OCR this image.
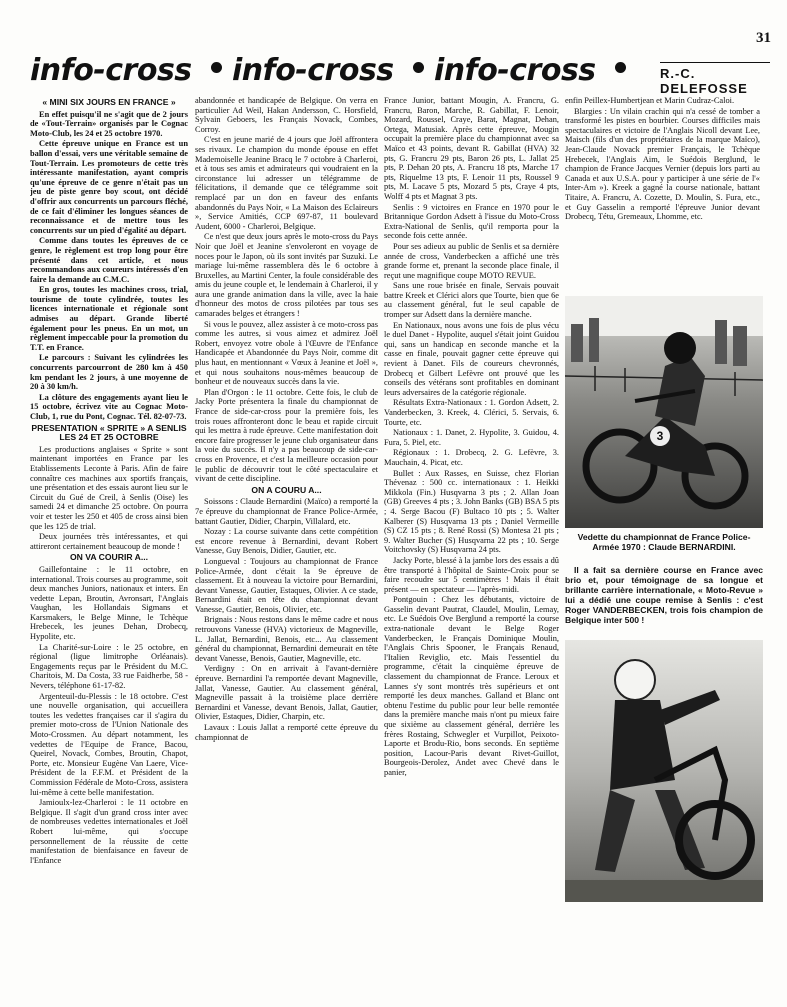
31
info-cross info-cross info-cross	R.-C. DELEFOSSE

« MINI SIX JOURS EN FRANCE »

En effet puisqu'il ne s'agit que de 2 jours de «Tout-Terrain» organisés par le Cognac Moto-Club, les 24 et 25 octobre 1970.

Cette épreuve unique en France est un ballon d'essai, vers une véritable semaine de Tout-Terrain. Les promoteurs de cette très intéressante manifestation, ayant compris qu'une épreuve de ce genre n'était pas un jeu de piste genre boy scout, ont décidé d'offrir aux concurrents un parcours fléché, de ce fait d'éliminer les longues séances de reconnaissance et de mettre tous les concurrents sur un pied d'égalité au départ.

Comme dans toutes les épreuves de ce genre, le règlement est trop long pour être présenté dans cet article, et nous recommandons aux coureurs intéressés d'en faire la demande au C.M.C.

En gros, toutes les machines cross, trial, tourisme de toute cylindrée, toutes les licences internationale et régionale sont admises au départ. Grande liberté également pour les pneus. En un mot, un règlement impeccable pour la promotion du T.T. en France.

Le parcours : Suivant les cylindrées les concurrents parcourront de 280 km à 450 km pendant les 2 jours, à une moyenne de 20 à 30 km/h.

La clôture des engagements ayant lieu le 15 octobre, écrivez vite au Cognac Moto-Club, 1, rue du Pont, Cognac. Tél. 82-07-73.

PRESENTATION « SPRITE » A SENLIS LES 24 ET 25 OCTOBRE

Les productions anglaises « Sprite » sont maintenant importées en France par les Etablissements Leconte à Paris. Afin de faire connaître ces machines aux sportifs français, une présentation et des essais auront lieu sur le Circuit du Gué de Creil, à Senlis (Oise) les samedi 24 et dimanche 25 octobre. On pourra voir et tester les 250 et 405 de cross ainsi bien que les 125 de trial.

Deux journées très intéressantes, et qui attireront certainement beaucoup de monde !

ON VA COURIR A...

Gaillefontaine : le 11 octobre, en international. Trois courses au programme, soit deux manches Juniors, nationaux et inters. En vedette Lepan, Broutin, Avronsart, l'Anglais Vaughan, les Hollandais Sigmans et Karsmakers, le Belge Minne, le Tchèque Hrebecek, les jeunes Dehan, Drobecq, Hypolite, etc.

La Charité-sur-Loire : le 25 octobre, en régional (ligue limitrophe Orléanais). Engagements reçus par le Président du M.C. Charitois, M. Da Costa, 33 rue Faidherbe, 58 - Nevers, téléphone 61-17-82.

Argenteuil-du-Plessis : le 18 octobre. C'est une nouvelle organisation, qui accueillera toutes les vedettes françaises car il s'agira du premier moto-cross de l'Union Nationale des Moto-Crossmen. Au départ notamment, les vedettes de l'Equipe de France, Bacou, Queirel, Novack, Combes, Broutin, Chapot, Porte, etc. Monsieur Eugène Van Laere, Vice-Président de la F.F.M. et Président de la Commission Fédérale de Moto-Cross, assistera lui-même à cette belle manifestation.

Jamioulx-lez-Charleroi : le 11 octobre en Belgique. Il s'agit d'un grand cross inter avec de nombreuses vedettes internationales et Joël Robert lui-même, qui s'occupe personnellement de la réussite de cette manifestation de bienfaisance en faveur de l'Enfance

abandonnée et handicapée de Belgique. On verra en particulier Ad Weil, Hakan Andersson, C. Horsfield, Sylvain Geboers, les Français Novack, Combes, Corroy.

C'est en jeune marié de 4 jours que Joël affrontera ses rivaux. Le champion du monde épouse en effet Mademoiselle Jeanine Bracq le 7 octobre à Charleroi, et à tous ses amis et admirateurs qui voudraient en la circonstance lui adresser un télégramme de félicitations, il demande que ce télégramme soit remplacé par un don en faveur des enfants abandonnés du Pays Noir, « La Maison des Eclaireurs », Service Amitiés, CCP 697-87, 11 boulevard Audent, 6000 - Charleroi, Belgique.

Ce n'est que deux jours après le moto-cross du Pays Noir que Joël et Jeanine s'envoleront en voyage de noces pour le Japon, où ils sont invités par Suzuki. Le mariage lui-même rassemblera dès le 6 octobre à Bruxelles, au Martini Center, la foule considérable des amis du jeune couple et, le lendemain à Charleroi, il y aura une grande animation dans la ville, avec la haie d'honneur des motos de cross pilotées par tous ses camarades belges et étrangers !

Si vous le pouvez, allez assister à ce moto-cross pas comme les autres, si vous aimez et admirez Joël Robert, envoyez votre obole à l'Œuvre de l'Enfance Handicapée et Abandonnée du Pays Noir, comme dit plus haut, en mentionnant « Vœux à Jeanine et Joël », et qui nous souhaitons nous-mêmes beaucoup de bonheur et de nouveaux succès dans la vie.

Plan d'Orgon : le 11 octobre. Cette fois, le club de Jacky Porte présentera la finale du championnat de France de side-car-cross pour la première fois, les trois roues affronteront donc le beau et rapide circuit qui les mettra à rude épreuve. Cette manifestation doit encore faire progresser le jeune club organisateur dans la voie du succès. Il n'y a pas beaucoup de side-car-cross en Provence, et c'est la meilleure occasion pour le public de découvrir tout le côté spectaculaire et vivant de cette discipline.

ON A COURU A...

Soissons : Claude Bernardini (Maïco) a remporté la 7e épreuve du championnat de France Police-Armée, battant Gautier, Didier, Charpin, Villalard, etc.

Nozay : La course suivante dans cette compétition est encore revenue à Bernardini, devant Robert Vanesse, Guy Benois, Didier, Gautier, etc.

Longueval : Toujours au championnat de France Police-Armée, dont c'était la 9e épreuve de classement. Et à nouveau la victoire pour Bernardini, devant Vanesse, Gautier, Estaques, Olivier. A ce stade, Bernardini était en tête du championnat devant Vanesse, Gautier, Benois, Olivier, etc.

Brignais : Nous restons dans le même cadre et nous retrouvons Vanesse (HVA) victorieux de Magneville, L. Jallat, Bernardini, Benois, etc... Au classement général du championnat, Bernardini demeurait en tête devant Vanesse, Benois, Gautier, Magneville, etc.

Verdigny : On en arrivait à l'avant-dernière épreuve. Bernardini l'a remportée devant Magneville, Jallat, Vanesse, Gautier. Au classement général, Magneville passait à la troisième place derrière Bernardini et Vanesse, devant Benois, Jallat, Gautier, Olivier, Estaques, Didier, Charpin, etc.

Lavaux : Louis Jallat a remporté cette épreuve du championnat de

France Junior, battant Mougin, A. Francru, G. Francru, Baron, Marche, R. Gabillat, F. Lenoir, Mozard, Roussel, Craye, Barat, Magnat, Dehan, Ortega, Matusiak. Après cette épreuve, Mougin occupait la première place du championnat avec sa Maïco et 43 points, devant R. Gabillat (HVA) 32 pts, G. Francru 29 pts, Baron 26 pts, L. Jallat 25 pts, P. Dehan 20 pts, A. Francru 18 pts, Marche 17 pts, Riquelme 13 pts, F. Lenoir 11 pts, Roussel 9 pts, M. Lacave 5 pts, Mozard 5 pts, Craye 4 pts, Wolff 4 pts et Magnat 3 pts.

Senlis : 9 victoires en France en 1970 pour le Britannique Gordon Adsett à l'issue du Moto-Cross Extra-National de Senlis, qu'il remporta pour la seconde fois cette année.

Pour ses adieux au public de Senlis et sa dernière année de cross, Vanderbecken a affiché une très grande forme et, prenant la seconde place finale, il reçut une magnifique coupe MOTO REVUE.

Sans une roue brisée en finale, Servais pouvait battre Kreek et Clérici alors que Tourte, bien que 6e au classement général, fut le seul capable de tromper sur Adsett dans la dernière manche.

En Nationaux, nous avons une fois de plus vécu le duel Danet - Hypolite, auquel s'était joint Guidou qui, sans un handicap en seconde manche et la casse en finale, pouvait gagner cette épreuve qui revient à Danet. Fils de coureurs chevronnés, Drobecq et Gilbert Lefèvre ont prouvé que les conseils des vétérans sont profitables en dominant leurs adversaires de la catégorie régionale.

Résultats Extra-Nationaux : 1. Gordon Adsett, 2. Vanderbecken, 3. Kreek, 4. Clérici, 5. Servais, 6. Tourte, etc.

Nationaux : 1. Danet, 2. Hypolite, 3. Guidou, 4. Fura, 5. Piel, etc.

Régionaux : 1. Drobecq, 2. G. Lefèvre, 3. Mauchain, 4. Picat, etc.

Bullet : Aux Rasses, en Suisse, chez Florian Thévenaz : 500 cc. internationaux : 1. Heikki Mikkola (Fin.) Husqvarna 3 pts ; 2. Allan Joan (GB) Greeves 4 pts ; 3. John Banks (GB) BSA 5 pts ; 4. Serge Bacou (F) Bultaco 10 pts ; 5. Walter Kalberer (S) Husqvarna 13 pts ; Daniel Vermeille (S) CZ 15 pts ; 8. René Rossi (S) Montesa 21 pts ; 9. Walter Bucher (S) Husqvarna 22 pts ; 10. Serge Voitchovsky (S) Husqvarna 24 pts.

Jacky Porte, blessé à la jambe lors des essais a dû être transporté à l'hôpital de Sainte-Croix pour se faire recoudre sur 5 centimètres ! Mais il était présent — en spectateur — l'après-midi.

Pontgouin : Chez les débutants, victoire de Gasselin devant Pautrat, Claudel, Moulin, Lemay, etc. Le Suédois Ove Berglund a remporté la course extra-nationale devant le Belge Roger Vanderbecken, le Français Dominique Moulin, l'Anglais Chris Spooner, le Français Renaud, l'Italien Reviglio, etc. Mais l'essentiel du programme, c'était la cinquième épreuve de classement du championnat de France. Leroux et Lannes s'y sont montrés très supérieurs et ont remporté les deux manches. Galland et Blanc ont obtenu l'estime du public pour leur belle remontée dans la première manche mais n'ont pu mieux faire que sixième au classement général, derrière les frères Rostaing, Schwegler et Vurpillot, Peixoto-Laporte et Brodu-Rio, bons seconds. En septième position, Lacour-Paris devant Rivet-Guillot, Bourgeois-Derolez, Andet avec Chevé dans le panier,

enfin Peillex-Humbertjean et Marin Cudraz-Caloi.

Blargies : Un vilain crachin qui n'a cessé de tomber a transformé les pistes en bourbier. Courses difficiles mais spectaculaires et victoire de l'Anglais Nicoll devant Lee, Maisch (fils d'un des propriétaires de la marque Maïco), Jean-Claude Novack premier Français, le Tchèque Hrebecek, l'Anglais Aim, le Suédois Berglund, le champion de France Jacques Vernier (depuis lors parti au Canada et aux U.S.A. pour y participer à une série de l'« Inter-Am »). Kreek a gagné la course nationale, battant Titaire, A. Francru, A. Cozette, D. Moulin, S. Fura, etc., et Guy Gasselin a remporté l'épreuve Junior devant Drobecq, Tétu, Gremeaux, Lhomme, etc.

3
Vedette du championnat de France Police-Armée 1970 : Claude BERNARDINI.
Il a fait sa dernière course en France avec brio et, pour témoignage de sa longue et brillante carrière internationale, « Moto-Revue » lui a dédié une coupe remise à Senlis : c'est Roger VANDERBECKEN, trois fois champion de Belgique inter 500 !
